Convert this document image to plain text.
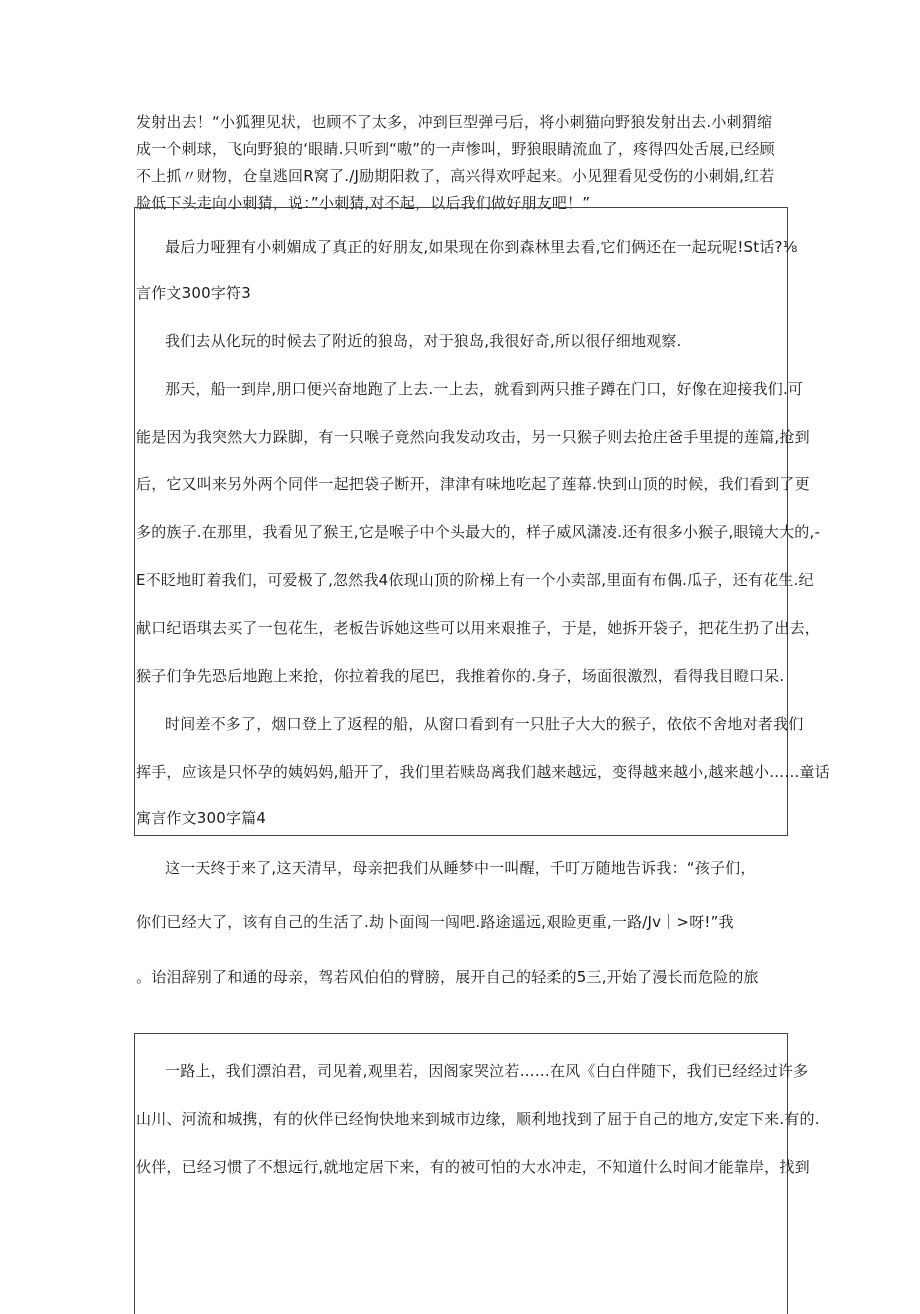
发射出去！“小狐狸见状，也顾不了太多，冲到巨型弹弓后，将小刺猫向野狼发射出去.小刺猬缩成一个刺球，飞向野狼的‘眼睛.只听到“嗷”的一声惨叫，野狼眼睛流血了，疼得四处舌展,已经顾不上抓〃财物，仓皇逃回R窝了./J励期阳救了，高兴得欢呼起来。小见狸看见受伤的小刺娟,红若脸低下头走向小刺猜，说：”小刺猜,对不起，以后我们做好朋友吧！”
最后力哑狸有小刺媚成了真正的好朋友,如果现在你到森林里去看,它们俩还在一起玩呢!St话?⅛
言作文300字符3
我们去从化玩的时候去了附近的狼岛，对于狼岛,我很好奇,所以很仔细地观察.
那天，船一到岸,朋口便兴奋地跑了上去.一上去，就看到两只推子蹲在门口，好像在迎接我们.可
能是因为我突然大力跺脚，有一只喉子竟然向我发动攻击，另一只猴子则去抢庄爸手里提的莲篇,抢到
后，它又叫来另外两个同伴一起把袋子断开，津津有味地吃起了莲幕.快到山顶的时候，我们看到了更
多的族子.在那里，我看见了猴王,它是喉子中个头最大的，样子威风潇凌.还有很多小猴子,眼镜大大的,-
E不眨地盯着我们，可爱极了,忽然我4依现山顶的阶梯上有一个小卖部,里面有布偶.瓜子，还有花生.纪
献口纪语琪去买了一包花生，老板告诉她这些可以用来艰推子，于是，她拆开袋子，把花生扔了出去，
猴子们争先恐后地跑上来抢，你拉着我的尾巴，我推着你的.身子，场面很激烈，看得我目瞪口呆.
时间差不多了，烟口登上了返程的船，从窗口看到有一只肚子大大的猴子，依依不舍地对者我们
挥手，应该是只怀孕的姨妈妈,船开了，我们里若赎岛离我们越来越远，变得越来越小,越来越小……童话
寓言作文300字篇4
这一天终于来了,这天清早，母亲把我们从睡梦中一叫醒，千叮万随地告诉我：“孩子们，
你们已经大了，该有自己的生活了.劫卜面闯一闯吧.路途遥远,艰睑更重,一路/Jv｜>呀!”我
。诒泪辞别了和通的母亲，驾若风伯伯的臂膀，展开自己的轻柔的5三,开始了漫长而危险的旅
一路上，我们漂泊君，司见着,观里若，因阁家哭泣若……在风《白白伴随下，我们已经经过许多
山川、河流和城携，有的伙伴已经恂快地来到城市边缘，顺利地找到了屈于自己的地方,安定下来.有的.
伙伴，已经习惯了不想远行,就地定居下来，有的被可怕的大水冲走，不知道什么时间才能靠岸，找到
